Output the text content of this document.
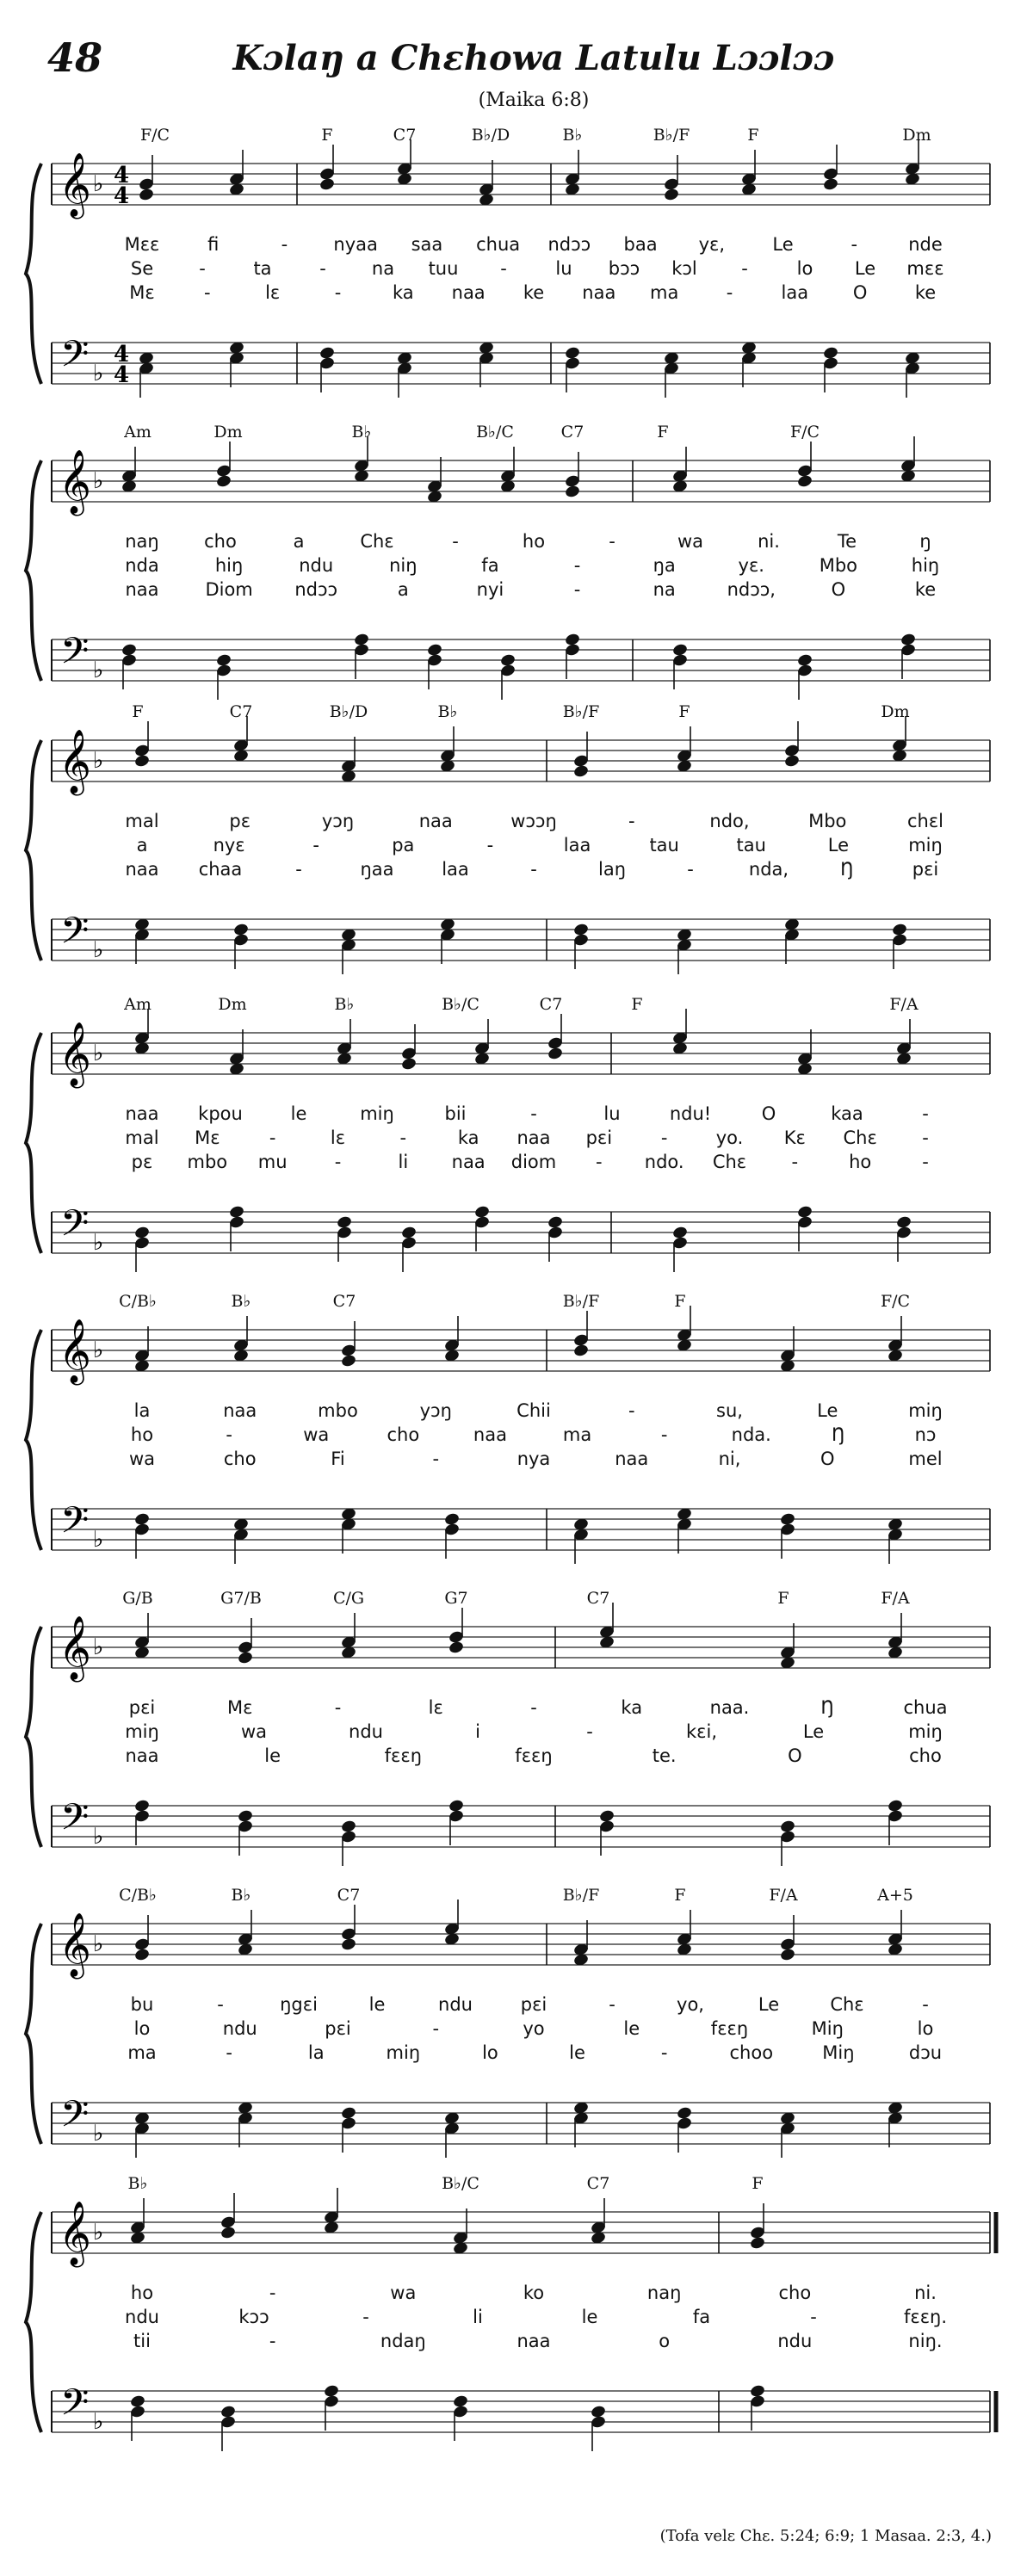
48	Kɔlaŋ a Chɛhowa Latulu Lɔɔlɔɔ
(Maika 6:8)
𝄞
𝄢
♭
♭
4
4
4
4
F/C	F	C7	B♭/D	B♭	B♭/F	F	Dm
Mɛɛ	fi	-	nyaa saa chua ndɔɔ baa yɛ,	Le	-	nde
Se	-	ta	-	na tuu -	lu bɔɔ kɔl -	lo Le mɛɛ
Mɛ	-	lɛ	-	ka naa ke naa ma	-	laa O	ke
𝄞
𝄢
♭
♭
Am	Dm	B♭	B♭/C	C7	F	F/C
naŋ cho	a	Chɛ	-	ho	-	wa	ni.	Te	ŋ
nda	hiŋ	ndu	niŋ	fa	-	ŋa	yɛ.	Mbo	hiŋ
naa	Diom ndɔɔ	a	nyi	-	na	ndɔɔ,	O	ke
𝄞
𝄢
♭
♭
F	C7	B♭/D	B♭	B♭/F	F	Dm
mal	pɛ	yɔŋ	naa	wɔɔŋ	-	ndo,	Mbo	chɛl
a	nyɛ	-	pa	-	laa	tau	tau	Le	miŋ
naa chaa	-	ŋaa	laa	-	laŋ	-	nda,	Ŋ	pɛi
𝄞
𝄢
♭
♭
Am	Dm	B♭	B♭/C	C7	F	F/A
naa kpou	le	miŋ	bii	-	lu	ndu!	O	kaa	-
mal Mɛ	-	lɛ	-	ka naa pɛi	-	yo. Kɛ Chɛ -
pɛ mbo mu	-	li naa diom - ndo. Chɛ -	ho	-
𝄞
𝄢
♭
♭
C/B♭	B♭	C7	B♭/F	F	F/C
la	naa	mbo	yɔŋ	Chii	-	su,	Le	miŋ
ho	-	wa	cho	naa	ma	-	nda.	Ŋ	nɔ
wa	cho	Fi	-	nya	naa	ni,	O	mel
𝄞
𝄢
♭
♭
G/B	G7/B	C/G	G7	C7	F	F/A
pɛi	Mɛ	-	lɛ	-	ka	naa.	Ŋ	chua
miŋ	wa	ndu	i	-	kɛi,	Le	miŋ
naa	le	fɛɛŋ	fɛɛŋ	te.	O	cho
𝄞
𝄢
♭
♭
C/B♭	B♭	C7	B♭/F	F	F/A	A+5
bu	-	ŋgɛi	le	ndu	pɛi	-	yo,	Le	Chɛ	-
lo	ndu	pɛi	-	yo	le	fɛɛŋ	Miŋ	lo
ma	-	la	miŋ	lo	le	-	choo	Miŋ	dɔu
𝄞
𝄢
♭
♭
B♭	B♭/C	C7	F
ho	-	wa	ko	naŋ	cho	ni.
ndu	kɔɔ	-	li	le	fa	-	fɛɛŋ.
tii	-	ndaŋ	naa	o	ndu	niŋ.
(Tofa velɛ Chɛ. 5:24; 6:9; 1 Masaa. 2:3, 4.)
